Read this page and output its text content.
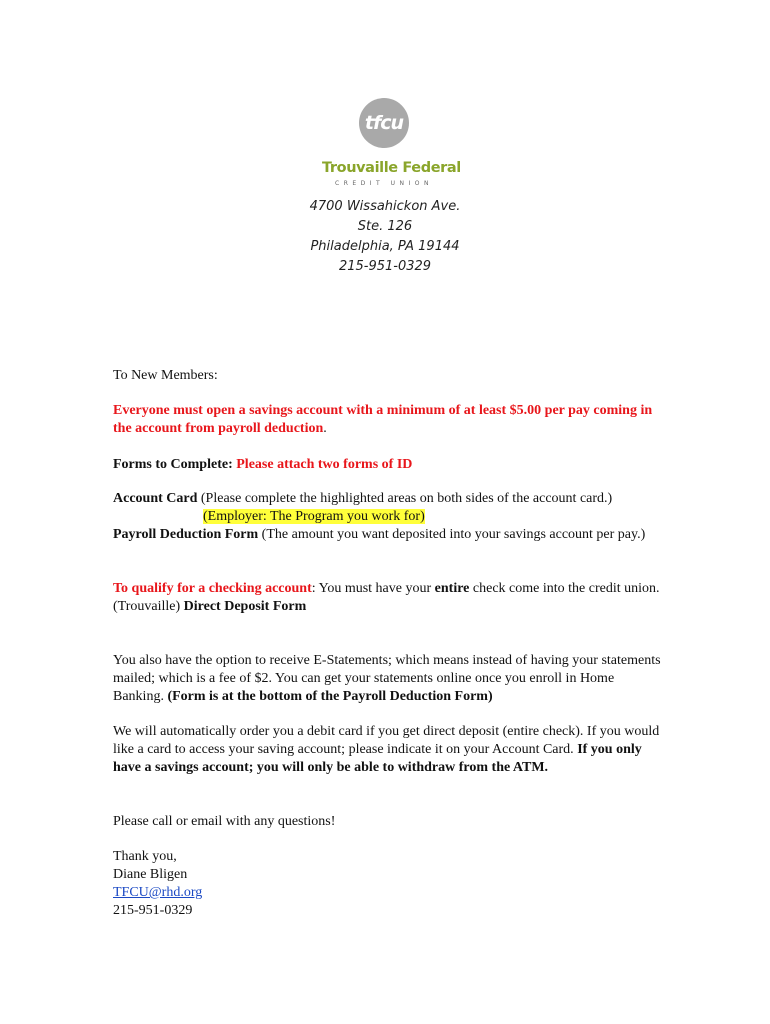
tfcu
Trouvaille Federal
CREDIT UNION
4700 Wissahickon Ave.
Ste. 126
Philadelphia, PA 19144
215-951-0329

To New Members:

Everyone must open a savings account with a minimum of at least $5.00 per pay coming in the account from payroll deduction.

Forms to Complete: Please attach two forms of ID

Account Card (Please complete the highlighted areas on both sides of the account card.)
(Employer: The Program you work for)

Payroll Deduction Form (The amount you want deposited into your savings account per pay.)

To qualify for a checking account: You must have your entire check come into the credit union. (Trouvaille) Direct Deposit Form

You also have the option to receive E-Statements; which means instead of having your statements mailed; which is a fee of $2. You can get your statements online once you enroll in Home Banking. (Form is at the bottom of the Payroll Deduction Form)

We will automatically order you a debit card if you get direct deposit (entire check). If you would like a card to access your saving account; please indicate it on your Account Card. If you only have a savings account; you will only be able to withdraw from the ATM.

Please call or email with any questions!

Thank you,
Diane Bligen
TFCU@rhd.org
215-951-0329
